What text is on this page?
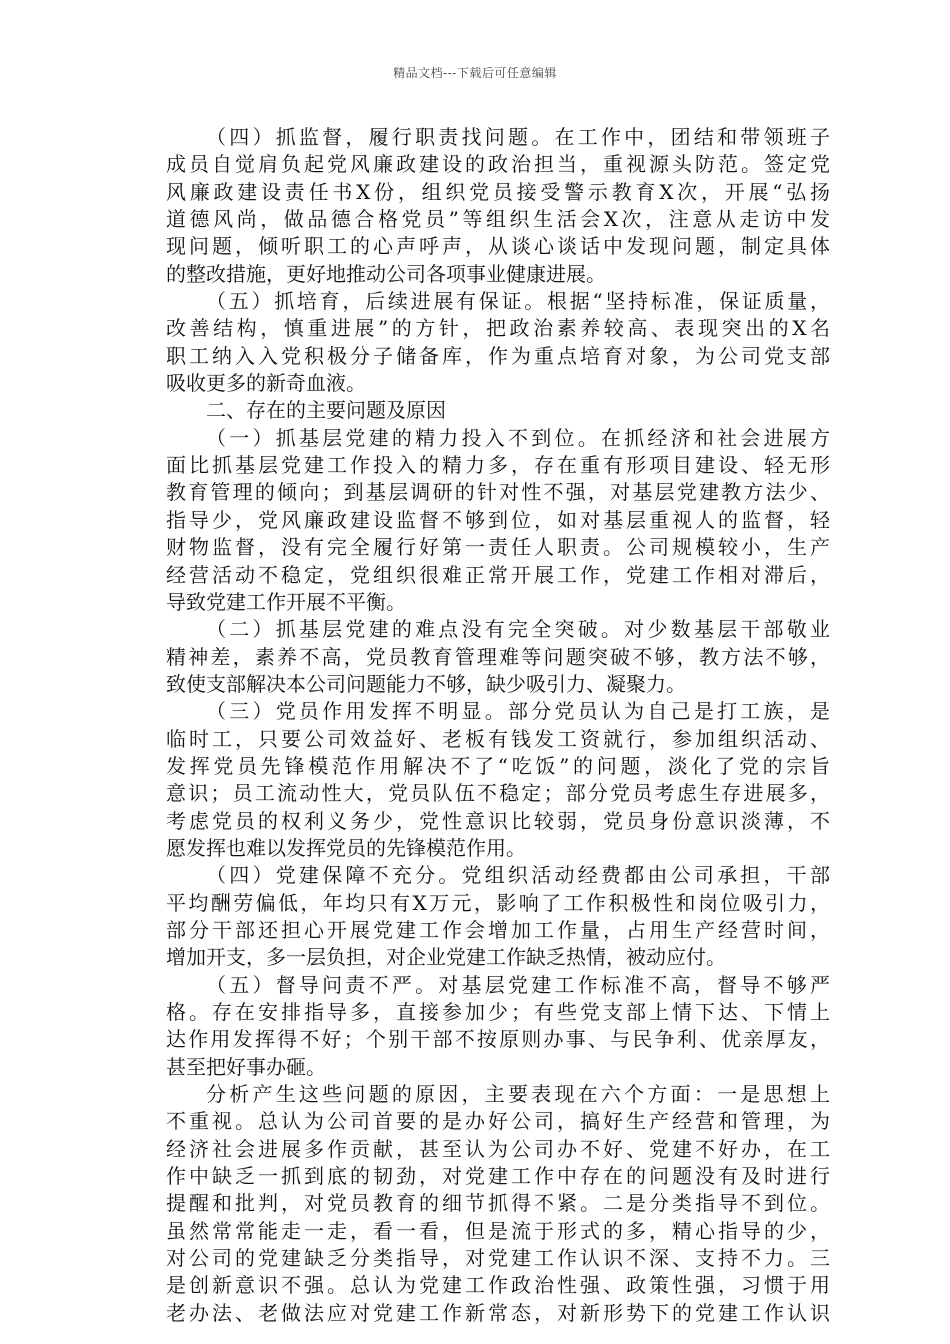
精品文档---下载后可任意编辑
（四）抓监督，履行职责找问题。在工作中，团结和带领班子
成员自觉肩负起党风廉政建设的政治担当，重视源头防范。签定党
风廉政建设责任书X份，组织党员接受警示教育X次，开展“弘扬
道德风尚，做品德合格党员”等组织生活会X次，注意从走访中发
现问题，倾听职工的心声呼声，从谈心谈话中发现问题，制定具体
的整改措施，更好地推动公司各项事业健康进展。
（五）抓培育，后续进展有保证。根据“坚持标准，保证质量，
改善结构，慎重进展”的方针，把政治素养较高、表现突出的X名
职工纳入入党积极分子储备库，作为重点培育对象，为公司党支部
吸收更多的新奇血液。
二、存在的主要问题及原因
（一）抓基层党建的精力投入不到位。在抓经济和社会进展方
面比抓基层党建工作投入的精力多，存在重有形项目建设、轻无形
教育管理的倾向；到基层调研的针对性不强，对基层党建教方法少、
指导少，党风廉政建设监督不够到位，如对基层重视人的监督，轻
财物监督，没有完全履行好第一责任人职责。公司规模较小，生产
经营活动不稳定，党组织很难正常开展工作，党建工作相对滞后，
导致党建工作开展不平衡。
（二）抓基层党建的难点没有完全突破。对少数基层干部敬业
精神差，素养不高，党员教育管理难等问题突破不够，教方法不够，
致使支部解决本公司问题能力不够，缺少吸引力、凝聚力。
（三）党员作用发挥不明显。部分党员认为自己是打工族，是
临时工，只要公司效益好、老板有钱发工资就行，参加组织活动、
发挥党员先锋模范作用解决不了“吃饭”的问题，淡化了党的宗旨
意识；员工流动性大，党员队伍不稳定；部分党员考虑生存进展多，
考虑党员的权利义务少，党性意识比较弱，党员身份意识淡薄，不
愿发挥也难以发挥党员的先锋模范作用。
（四）党建保障不充分。党组织活动经费都由公司承担，干部
平均酬劳偏低，年均只有X万元，影响了工作积极性和岗位吸引力，
部分干部还担心开展党建工作会增加工作量，占用生产经营时间，
增加开支，多一层负担，对企业党建工作缺乏热情，被动应付。
（五）督导问责不严。对基层党建工作标准不高，督导不够严
格。存在安排指导多，直接参加少；有些党支部上情下达、下情上
达作用发挥得不好；个别干部不按原则办事、与民争利、优亲厚友，
甚至把好事办砸。
分析产生这些问题的原因，主要表现在六个方面：一是思想上
不重视。总认为公司首要的是办好公司，搞好生产经营和管理，为
经济社会进展多作贡献，甚至认为公司办不好、党建不好办，在工
作中缺乏一抓到底的韧劲，对党建工作中存在的问题没有及时进行
提醒和批判，对党员教育的细节抓得不紧。二是分类指导不到位。
虽然常常能走一走，看一看，但是流于形式的多，精心指导的少，
对公司的党建缺乏分类指导，对党建工作认识不深、支持不力。三
是创新意识不强。总认为党建工作政治性强、政策性强，习惯于用
老办法、老做法应对党建工作新常态，对新形势下的党建工作认识
